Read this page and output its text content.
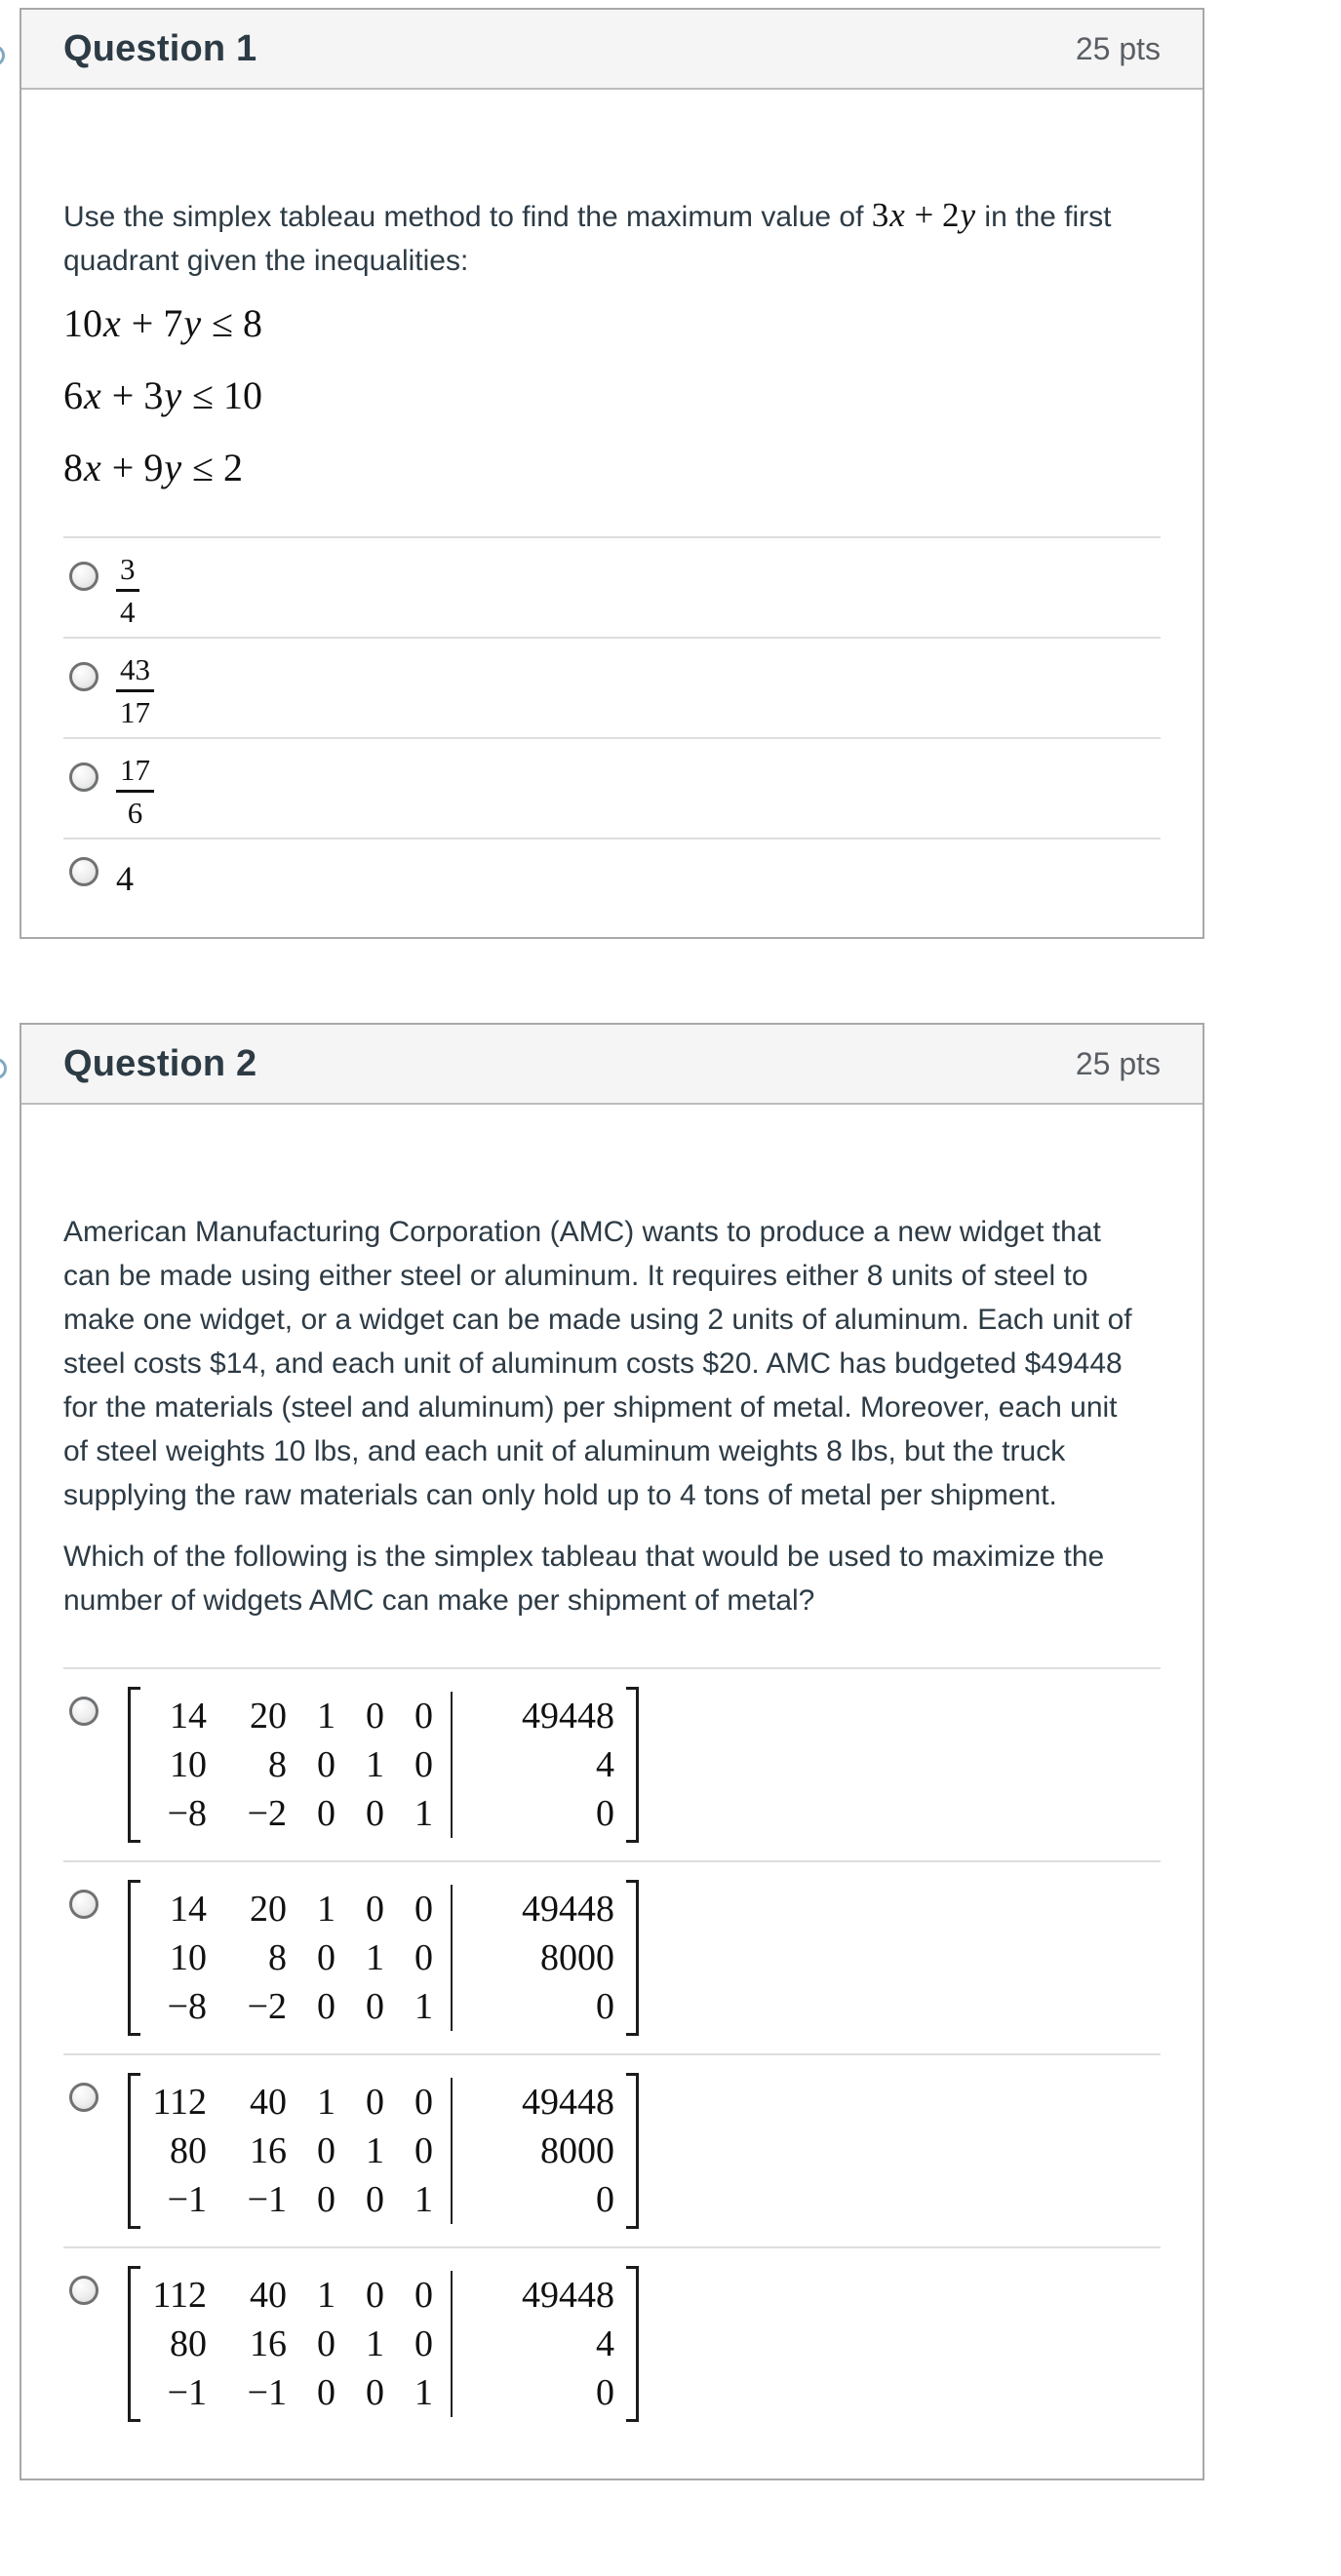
Question 1	25 pts

Use the simplex tableau method to find the maximum value of 3x + 2y in the first quadrant given the inequalities:

10x + 7y ≤ 8

6x + 3y ≤ 10

8x + 9y ≤ 2

$\frac{3}{4}$
$\frac{43}{17}$
$\frac{17}{6}$
4
Question 2	25 pts

American Manufacturing Corporation (AMC) wants to produce a new widget that can be made using either steel or aluminum. It requires either 8 units of steel to make one widget, or a widget can be made using 2 units of aluminum. Each unit of steel costs $14, and each unit of aluminum costs $20. AMC has budgeted $49448 for the materials (steel and aluminum) per shipment of metal. Moreover, each unit of steel weights 10 lbs, and each unit of aluminum weights 8 lbs, but the truck supplying the raw materials can only hold up to 4 tons of metal per shipment.

Which of the following is the simplex tableau that would be used to maximize the number of widgets AMC can make per shipment of metal?

14	20 1 0 0	49448
10	8 0 1 0	4
−8	−2 0 0 1	0
14	20 1 0 0	49448
10	8 0 1 0	8000
−8	−2 0 0 1	0
112	40 1 0 0	49448
80	16 0 1 0	8000
−1	−1 0 0 1	0
112	40 1 0 0	49448
80	16 0 1 0	4
−1	−1 0 0 1	0
